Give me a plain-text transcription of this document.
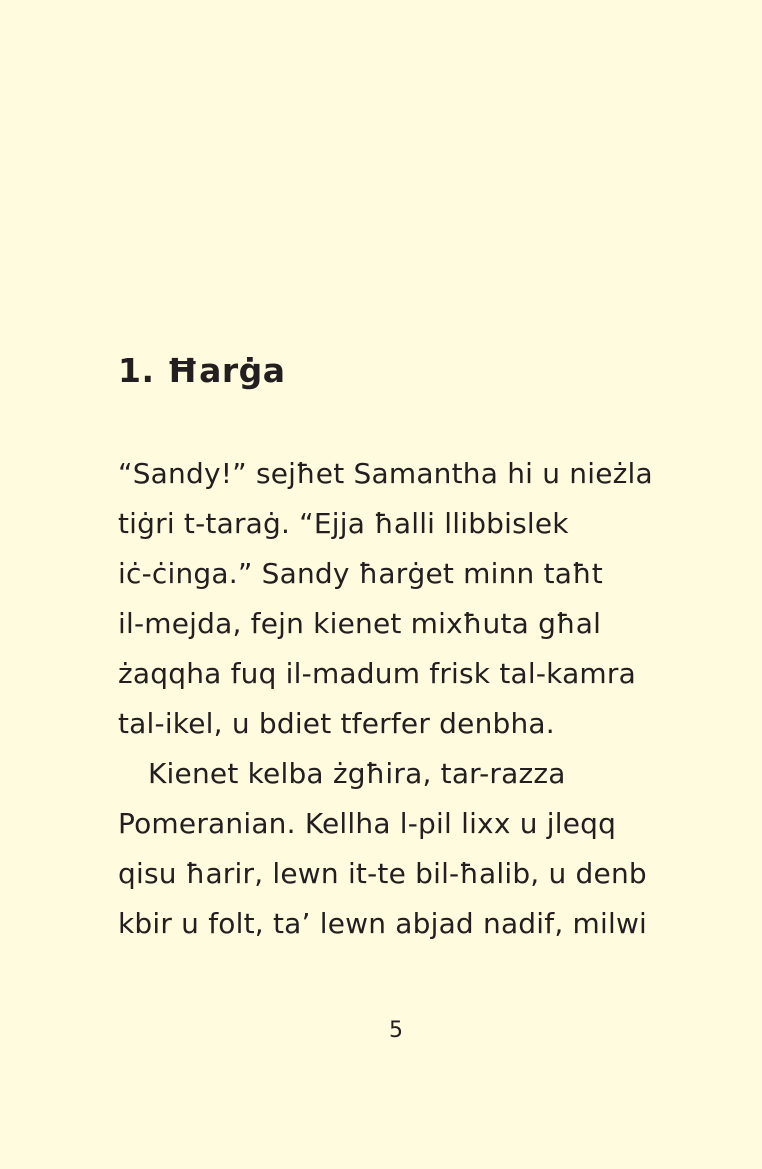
1. Ħarġa
“Sandy!” sejħet Samantha hi u nieżla
tiġri t-taraġ. “Ejja ħalli llibbislek
iċ-ċinga.” Sandy ħarġet minn taħt
il-mejda, fejn kienet mixħuta għal
żaqqha fuq il-madum frisk tal-kamra
tal-ikel, u bdiet tferfer denbha.
Kienet kelba żgħira, tar-razza
Pomeranian. Kellha l-pil lixx u jleqq
qisu ħarir, lewn it-te bil-ħalib, u denb
kbir u folt, ta’ lewn abjad nadif, milwi
5
